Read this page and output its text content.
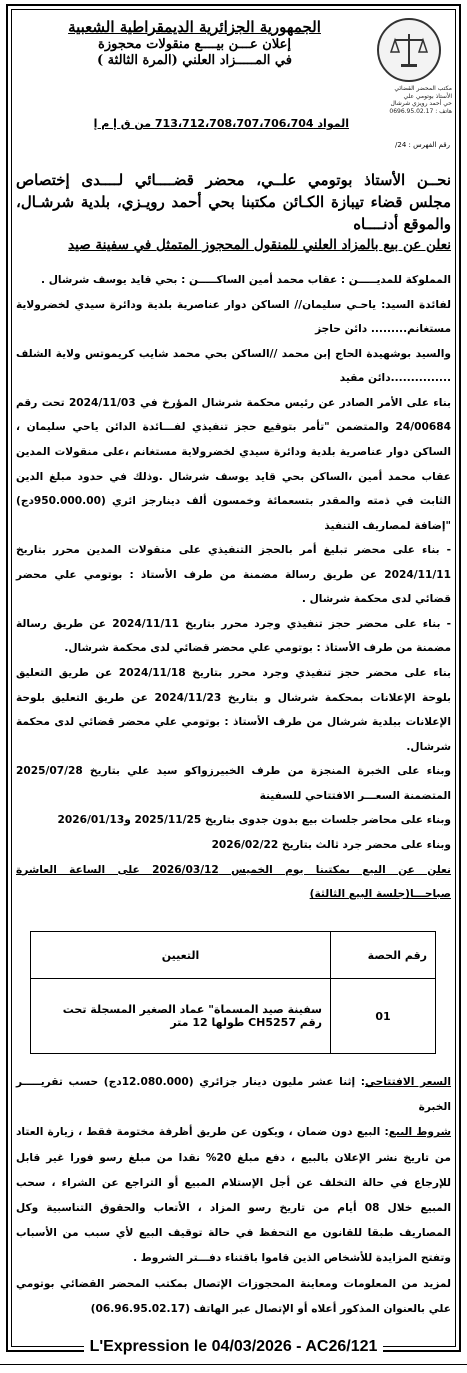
مكتب المحضر القضائي
الأستاذ بوتومي علي
حي أحمد رويزي شرشال
هاتف : 0696.95.02.17
الجمهورية الجزائرية الديمقراطية الشعبية
إعلان عـــن بيــــع منقولات محجوزة
في المـــــزاد العلني (المرة الثالثة )
المواد 713،712،708،707،706،704 من ق إ م إ
رقم الفهرس : 24/
نحــن الأستاذ بوتومي علــي، محضر قضــــائي لــــدى إختصاص مجلس قضاء تيبازة الكـائن مكتبنا بحي أحمد رويـزي، بلدية شرشـال، والموقع أدنــــاه
نعلن عن بيع بالمزاد العلني للمنقول المحجوز المتمثل في سفينة صيد

المملوكة للمديـــــن : عقاب محمد أمين الساكـــــن : بحي قايد يوسف شرشال .

لفائدة السيد: ياحـي سليمان// الساكن دوار عناصرية بلدية ودائرة سيدي لخضرولاية مستغانم......... دائن حاجز

والسيد بوشهيدة الحاج إبن محمد //الساكن بحي محمد شايب كريموتس ولاية الشلف ...............دائن مقيد

بناء على الأمر الصادر عن رئيس محكمة شرشال المؤرخ في 2024/11/03 تحت رقم 24/00684 والمتضمن "تأمر بتوقيع حجز تنفيذي لفـــائدة الدائن ياحي سليمان ، الساكن دوار عناصرية بلدية ودائرة سيدي لخضرولاية مستغانم ،على منقولات المدين عقاب محمد أمين ،الساكن بحي قايد يوسف شرشال .وذلك في حدود مبلغ الدين الثابت في ذمته والمقدر بتسعمائة وخمسون ألف دينارجز ائري (950.000.00دج) "إضافة لمصاريف التنفيذ

- بناء على محضر تبليغ أمر بالحجز التنفيذي على منقولات المدين محرر بتاريخ 2024/11/11 عن طريق رسالة مضمنة من طرف الأستاذ : بوتومي علي محضر قضائي لدى محكمة شرشال .

- بناء على محضر حجز تنفيذي وجرد محرر بتاريخ 2024/11/11 عن طريق رسالة مضمنة من طرف الأستاذ : بوتومي علي محضر قضائي لدى محكمة شرشال.

بناء على محضر حجز تنفيذي وجرد محرر بتاريخ 2024/11/18 عن طريق التعليق بلوحة الإعلانات بمحكمة شرشال و بتاريخ 2024/11/23 عن طريق التعليق بلوحة الإعلانات ببلدية شرشال من طرف الأستاذ : بوتومي علي محضر قضائي لدى محكمة شرشال.

وبناء على الخبرة المنجزة من طرف الخبيرزواكو سيد علي بتاريخ 2025/07/28 المتضمنة السعـــر الافتتاحي للسفينة

وبناء على محاضر جلسات بيع بدون جدوى بتاريخ 2025/11/25 و2026/01/13

وبناء على محضر جرد ثالث بتاريخ 2026/02/22

نعلن عن البيع بمكتبنا يوم الخميس 2026/03/12 على الساعة العاشرة صباحـــا(جلسة البيع الثالثة)

رقم الحصة	التعيين
01	سفينة صيد المسماة" عماد الصغير المسجلة تحت رقم CH5257 طولها 12 متر

السعر الافتتاحي: إثنا عشر مليون دينار جزائري (12.080.000دج) حسب تقريـــــر الخبرة

شروط البيع: البيع دون ضمان ، ويكون عن طريق أظرفة مختومة فقط ، زيارة العتاد من تاريخ نشر الإعلان بالبيع ، دفع مبلغ 20% نقدا من مبلغ رسو فورا غير قابل للإرجاع في حالة التخلف عن أجل الإستلام المبيع أو التراجع عن الشراء ، سحب المبيع خلال 08 أيام من تاريخ رسو المزاد ، الأتعاب والحقوق التناسبية وكل المصاريف طبقا للقانون مع التحفظ في حالة توقيف البيع لأي سبب من الأسباب وتفتح المزايدة للأشخاص الذين قاموا باقتناء دفـــتر الشروط .

لمزيد من المعلومات ومعاينة المحجوزات الإتصال بمكتب المحضر القضائي بوتومي علي بالعنوان المذكور أعلاه أو الإتصال عبر الهاتف (06.96.95.02.17)

L'Expression le 04/03/2026 - AC26/121
